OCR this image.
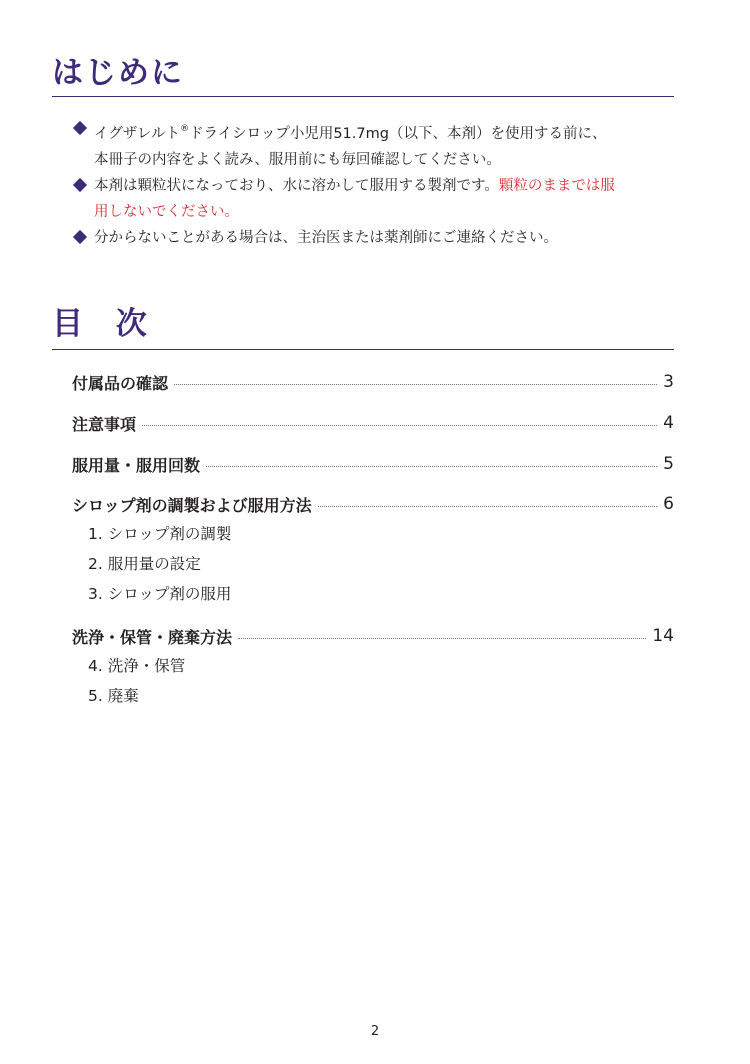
はじめに
イグザレルト®ドライシロップ小児用51.7mg（以下、本剤）を使用する前に、
本冊子の内容をよく読み、服用前にも毎回確認してください。
本剤は顆粒状になっており、水に溶かして服用する製剤です。顆粒のままでは服
用しないでください。
分からないことがある場合は、主治医または薬剤師にご連絡ください。
目 次
付属品の確認	3
注意事項	4
服用量・服用回数	5
シロップ剤の調製および服用方法	6
1. シロップ剤の調製
2. 服用量の設定
3. シロップ剤の服用
洗浄・保管・廃棄方法	14
4. 洗浄・保管
5. 廃棄
2
